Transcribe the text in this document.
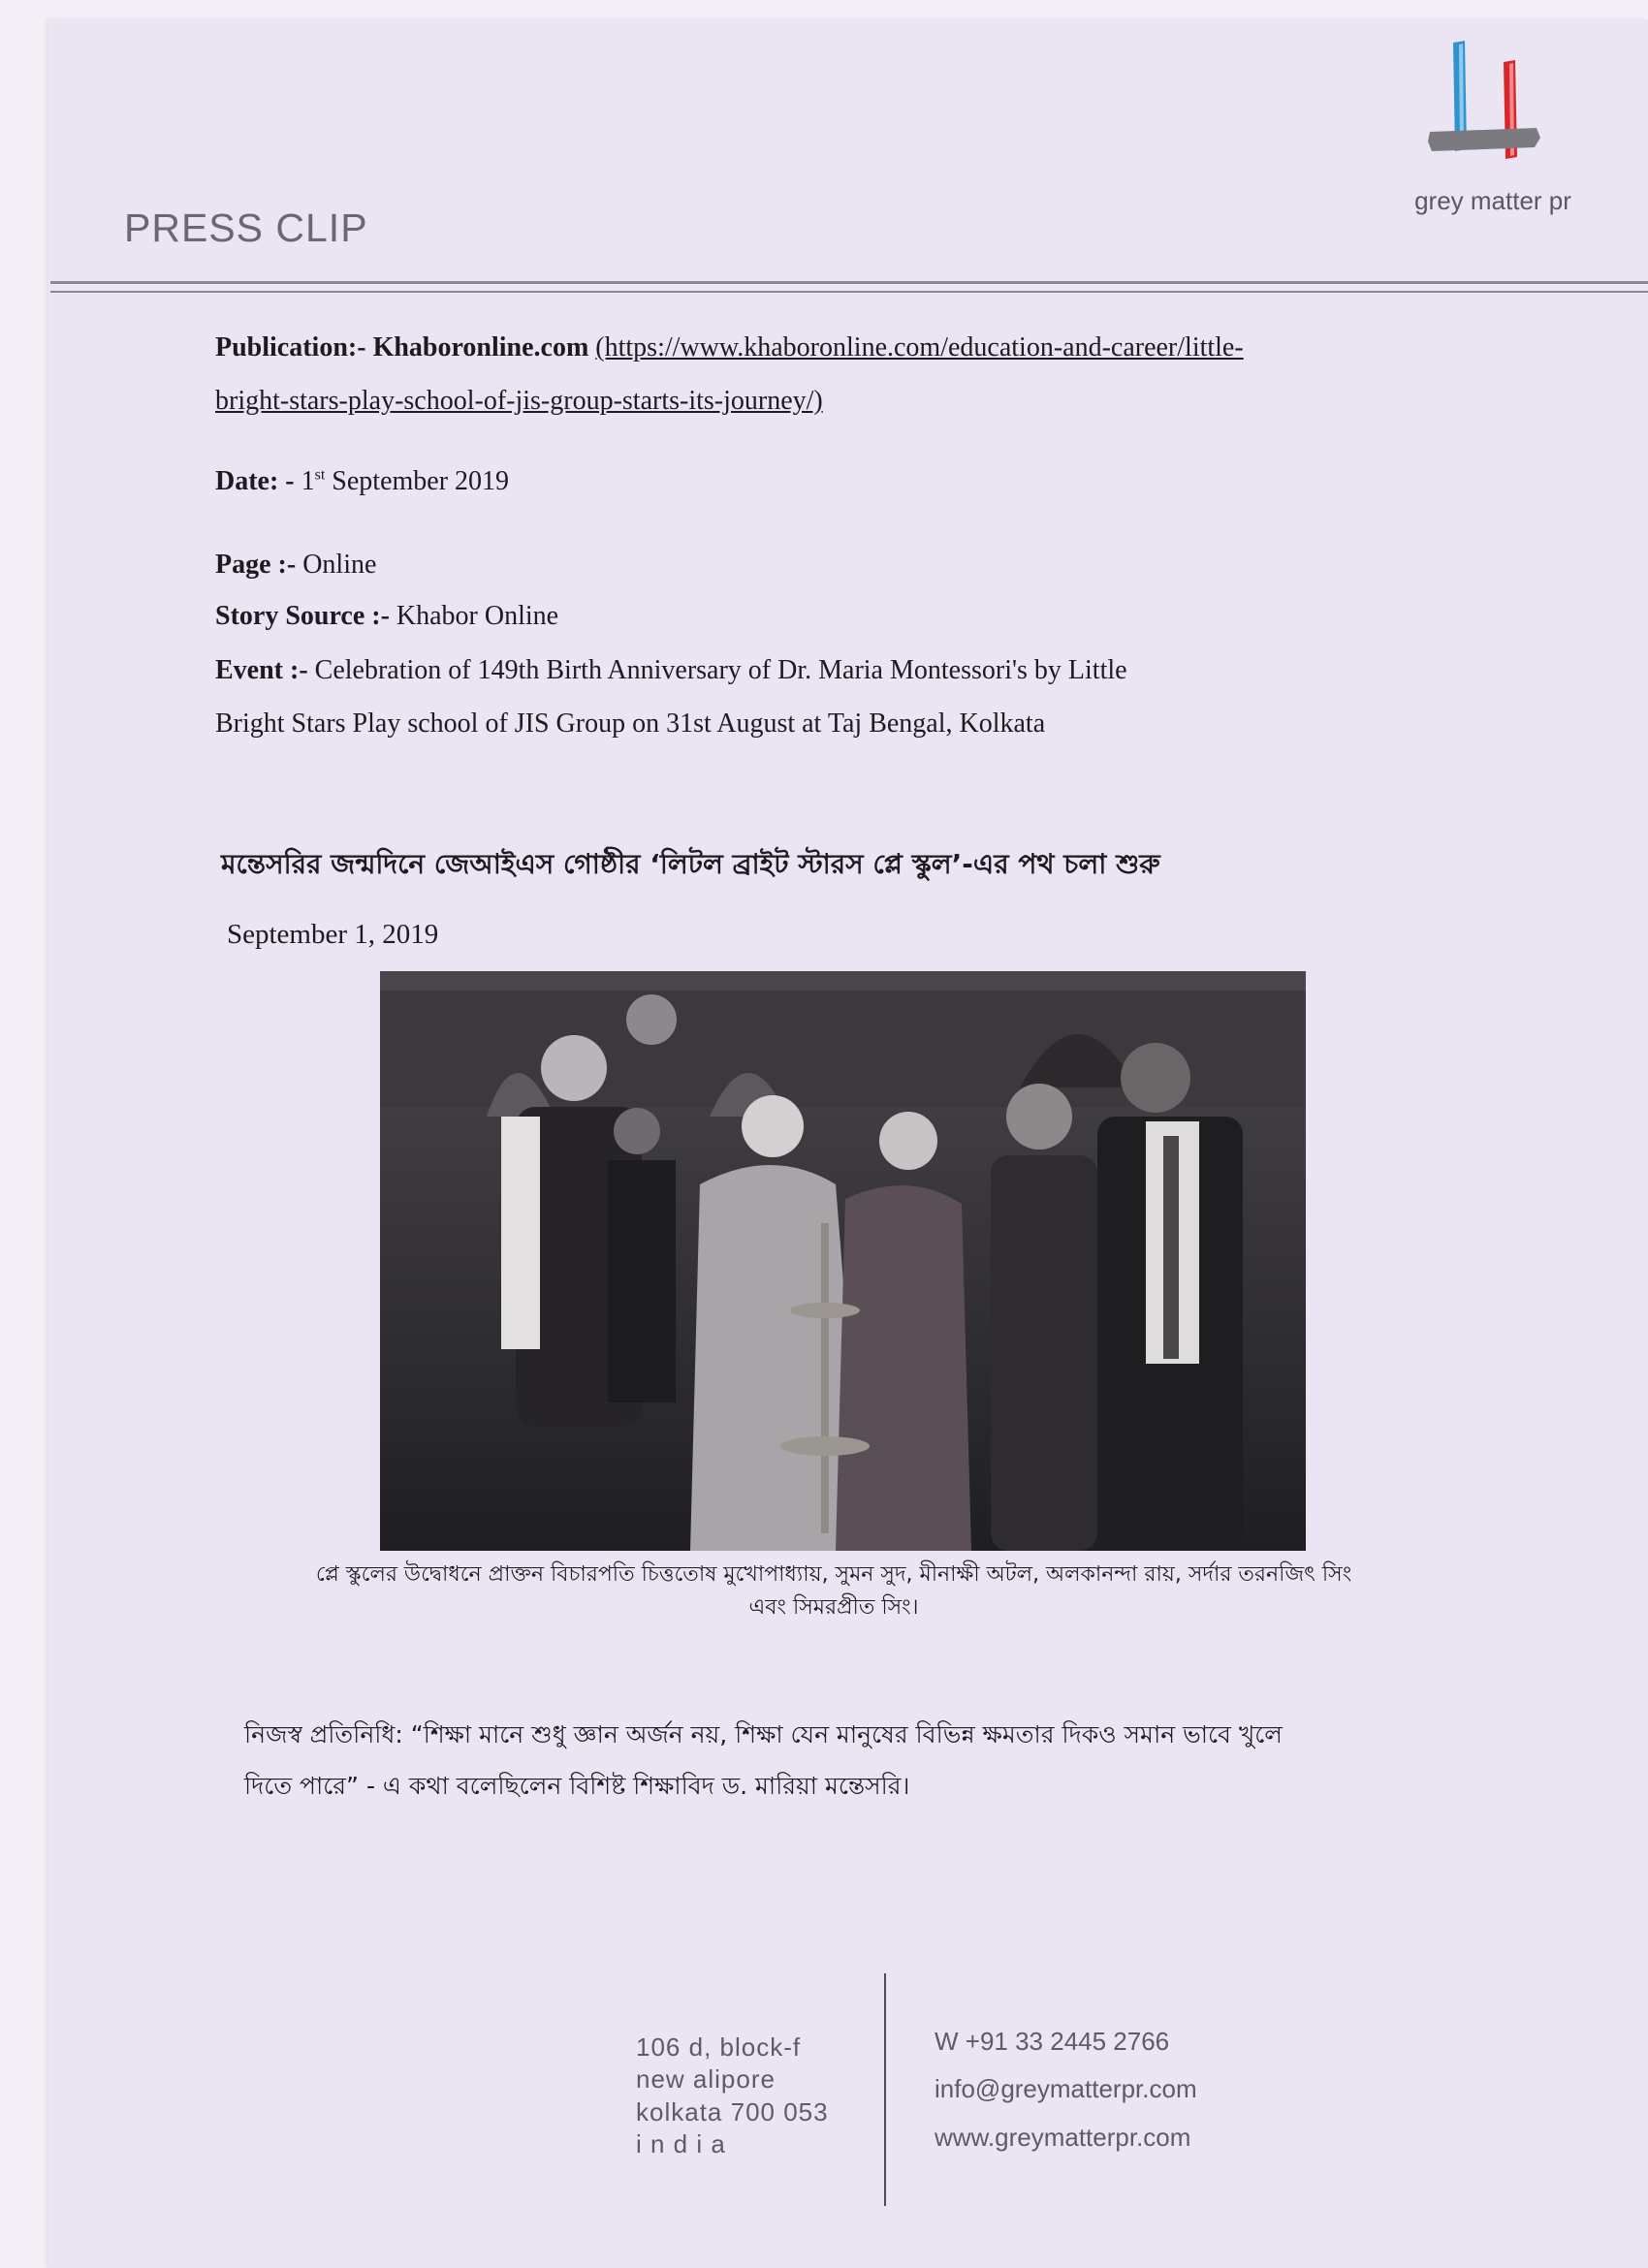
PRESS CLIP
grey matter pr
Publication:- Khaboronline.com (https://www.khaboronline.com/education-and-career/little-
bright-stars-play-school-of-jis-group-starts-its-journey/)
Date: - 1st September 2019
Page :- Online
Story Source :- Khabor Online
Event :- Celebration of 149th Birth Anniversary of Dr. Maria Montessori's by Little
Bright Stars Play school of JIS Group on 31st August at Taj Bengal, Kolkata
মন্তেসরির জন্মদিনে জেআইএস গোষ্ঠীর ‘লিটল ব্রাইট স্টারস প্লে স্কুল’-এর পথ চলা শুরু
September 1, 2019
প্লে স্কুলের উদ্বোধনে প্রাক্তন বিচারপতি চিত্ততোষ মুখোপাধ্যায়, সুমন সুদ, মীনাক্ষী অটল, অলকানন্দা রায়, সর্দার তরনজিৎ সিং
এবং সিমরপ্রীত সিং।
নিজস্ব প্রতিনিধি: “শিক্ষা মানে শুধু জ্ঞান অর্জন নয়, শিক্ষা যেন মানুষের বিভিন্ন ক্ষমতার দিকও সমান ভাবে খুলে
দিতে পারে” - এ কথা বলেছিলেন বিশিষ্ট শিক্ষাবিদ ড. মারিয়া মন্তেসরি।
106 d, block-f
new alipore
kolkata 700 053
i n d i a
W +91 33 2445 2766
info@greymatterpr.com
www.greymatterpr.com
